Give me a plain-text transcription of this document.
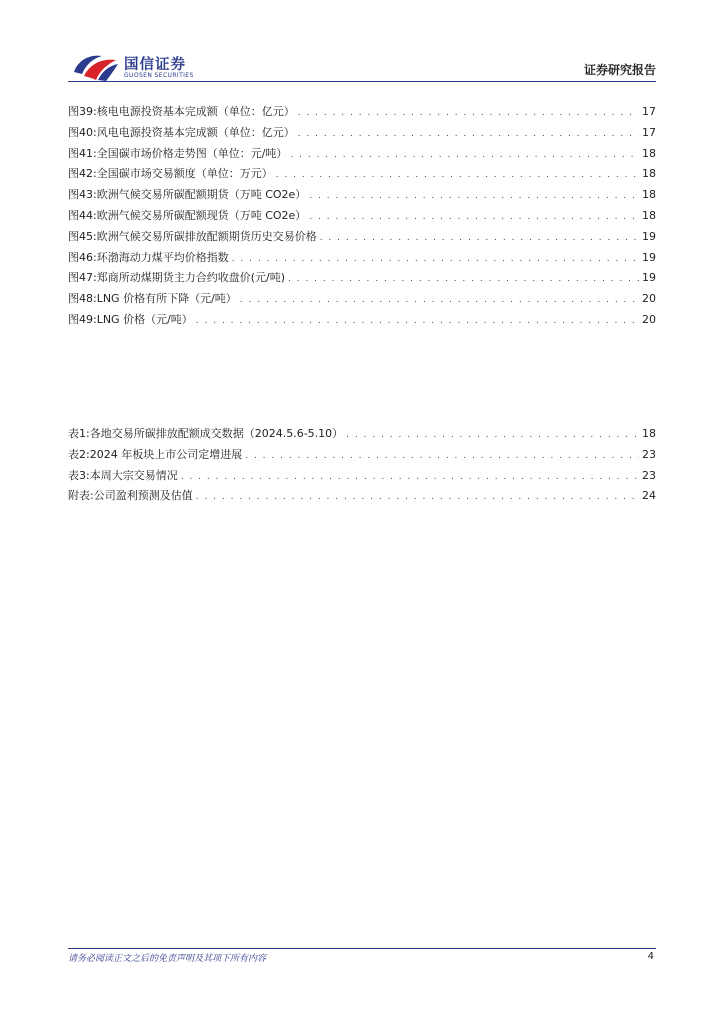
国信证券
GUOSEN SECURITIES	证券研究报告
图39: 核电电源投资基本完成额（单位：亿元） . . .	17
图40: 风电电源投资基本完成额（单位：亿元） . . .	17
图41: 全国碳市场价格走势图（单位：元/吨） . . .	18
图42: 全国碳市场交易额度（单位：万元） . . .	18
图43: 欧洲气候交易所碳配额期货（万吨 CO2e） . . .	18
图44: 欧洲气候交易所碳配额现货（万吨 CO2e） . . .	18
图45: 欧洲气候交易所碳排放配额期货历史交易价格 . . .	19
图46: 环渤海动力煤平均价格指数 . . .	19
图47: 郑商所动煤期货主力合约收盘价(元/吨) . . .	19
图48: LNG 价格有所下降（元/吨） . . .	20
图49: LNG 价格（元/吨） . . .	20
表1: 各地交易所碳排放配额成交数据（2024.5.6-5.10） . . .	18
表2: 2024 年板块上市公司定增进展 . . .	23
表3: 本周大宗交易情况 . . .	23
附表: 公司盈利预测及估值 . . .	24
请务必阅读正文之后的免责声明及其项下所有内容	4
